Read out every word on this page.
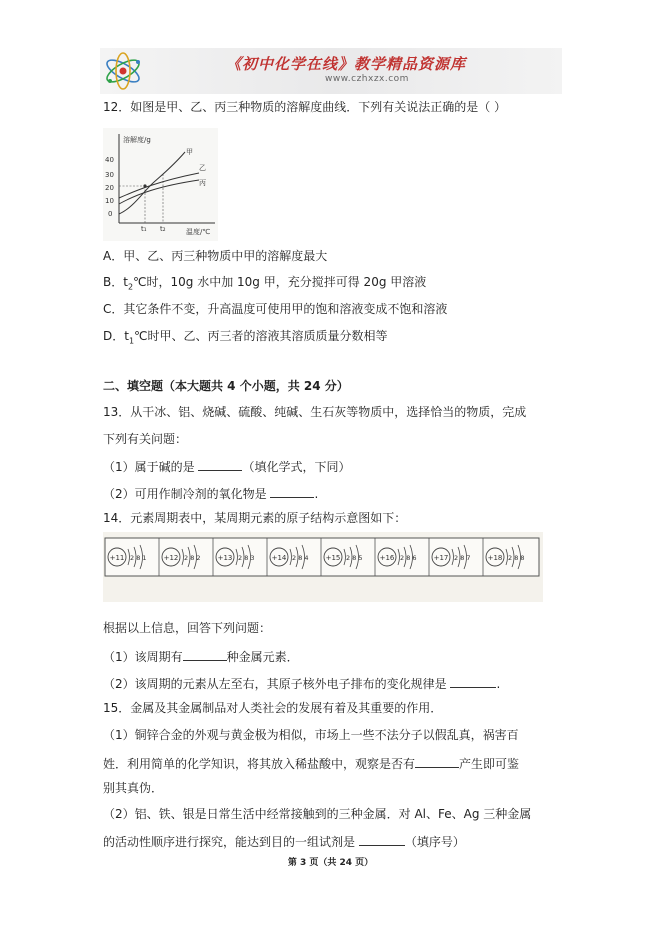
《初中化学在线》教学精品资源库
www.czhxzx.com
12．如图是甲、乙、丙三种物质的溶解度曲线．下列有关说法正确的是（ ）
溶解度/g
温度/℃
40
30
20
10
0
t₁ t₂
甲
乙
丙
A．甲、乙、丙三种物质中甲的溶解度最大
B．$t_2℃$时，10g 水中加 10g 甲，充分搅拌可得 20g 甲溶液
C．其它条件不变，升高温度可使用甲的饱和溶液变成不饱和溶液
D．$t_1℃$时甲、乙、丙三者的溶液其溶质质量分数相等
二、填空题（本大题共 4 个小题，共 24 分）
13．从干冰、铝、烧碱、硫酸、纯碱、生石灰等物质中，选择恰当的物质，完成
下列有关问题：
（1）属于碱的是	（填化学式，下同）
（2）可用作制冷剂的氧化物是	.
14．元素周期表中，某周期元素的原子结构示意图如下：
+11 2 8 1 +12 2 8 2 +13 2 8 3 +14 2 8 4 +15 2 8 5 +16 2 8 6 +17 2 8 7 +18 2 8 8
根据以上信息，回答下列问题：
（1）该周期有	种金属元素．
（2）该周期的元素从左至右，其原子核外电子排布的变化规律是	.
15．金属及其金属制品对人类社会的发展有着及其重要的作用．
（1）铜锌合金的外观与黄金极为相似，市场上一些不法分子以假乱真，祸害百
姓．利用简单的化学知识，将其放入稀盐酸中，观察是否有	产生即可鉴
别其真伪．
（2）铝、铁、银是日常生活中经常接触到的三种金属．对 Al、Fe、Ag 三种金属
的活动性顺序进行探究，能达到目的一组试剂是	（填序号）
第 3 页（共 24 页）
